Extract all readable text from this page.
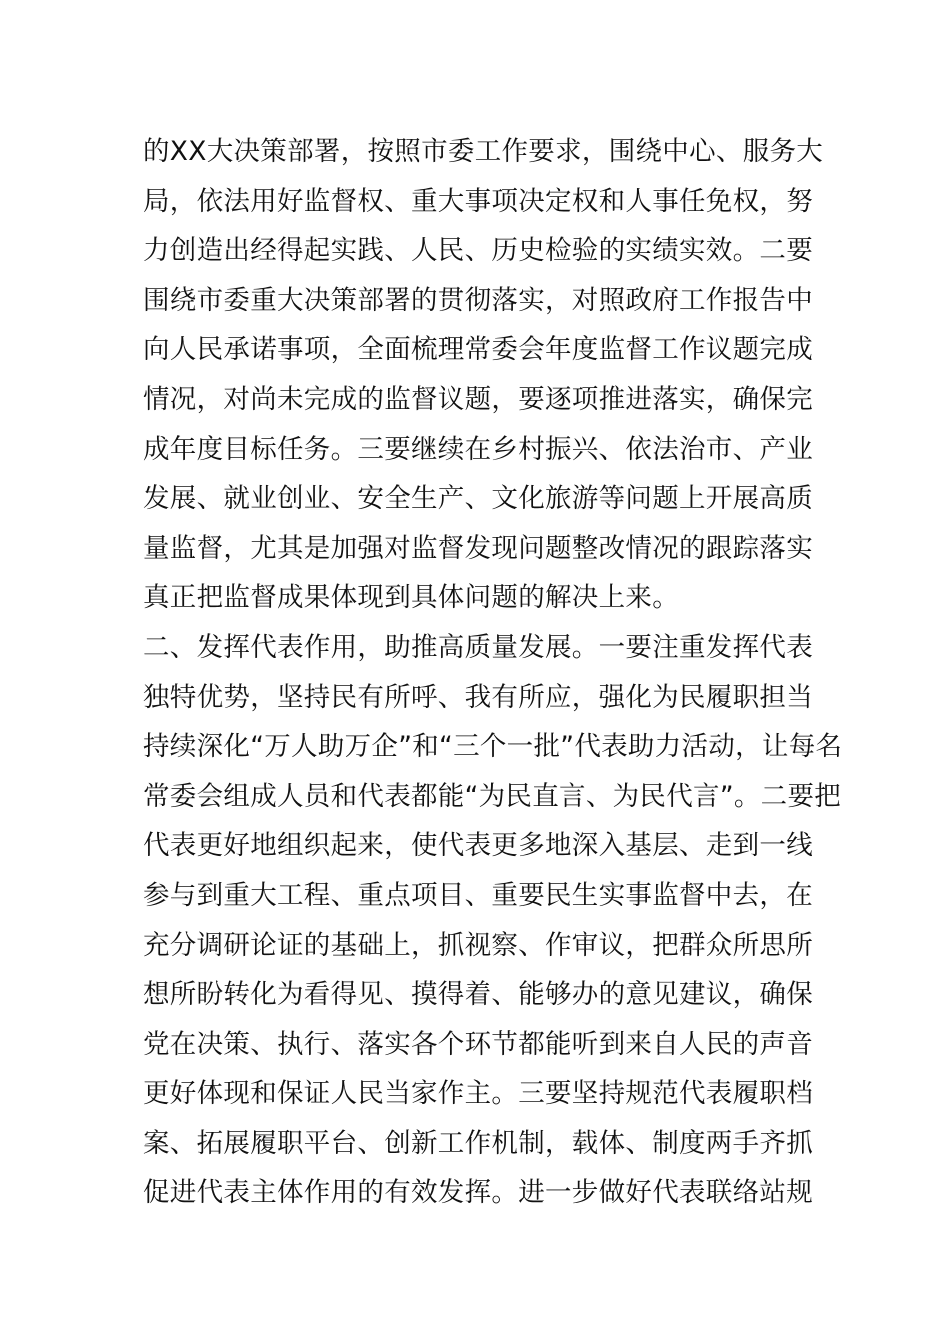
的XX大决策部署，按照市委工作要求，围绕中心、服务大
局，依法用好监督权、重大事项决定权和人事任免权，努
力创造出经得起实践、人民、历史检验的实绩实效。二要
围绕市委重大决策部署的贯彻落实，对照政府工作报告中
向人民承诺事项，全面梳理常委会年度监督工作议题完成
情况，对尚未完成的监督议题，要逐项推进落实，确保完
成年度目标任务。三要继续在乡村振兴、依法治市、产业
发展、就业创业、安全生产、文化旅游等问题上开展高质
量监督，尤其是加强对监督发现问题整改情况的跟踪落实
真正把监督成果体现到具体问题的解决上来。
二、发挥代表作用，助推高质量发展。一要注重发挥代表
独特优势，坚持民有所呼、我有所应，强化为民履职担当
持续深化“万人助万企”和“三个一批”代表助力活动，让每名
常委会组成人员和代表都能“为民直言、为民代言”。二要把
代表更好地组织起来，使代表更多地深入基层、走到一线
参与到重大工程、重点项目、重要民生实事监督中去，在
充分调研论证的基础上，抓视察、作审议，把群众所思所
想所盼转化为看得见、摸得着、能够办的意见建议，确保
党在决策、执行、落实各个环节都能听到来自人民的声音
更好体现和保证人民当家作主。三要坚持规范代表履职档
案、拓展履职平台、创新工作机制，载体、制度两手齐抓
促进代表主体作用的有效发挥。进一步做好代表联络站规
